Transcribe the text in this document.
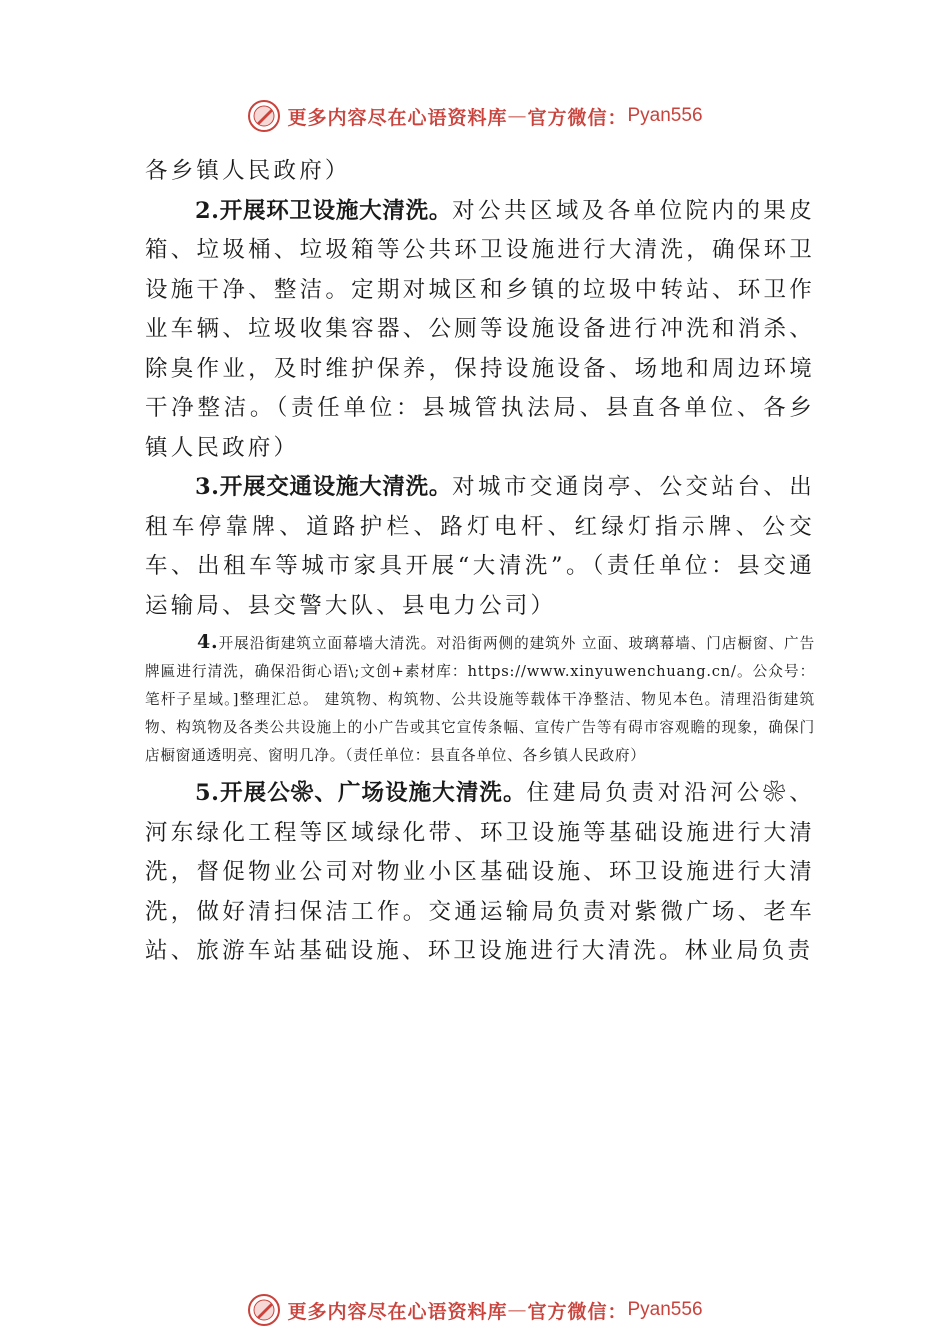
更多内容尽在心语资料库 — 官方微信： Pyan556

各乡镇人民政府）

2.开展环卫设施大清洗。对公共区域及各单位院内的果皮箱、垃圾桶、垃圾箱等公共环卫设施进行大清洗，确保环卫设施干净、整洁。定期对城区和乡镇的垃圾中转站、环卫作业车辆、垃圾收集容器、公厕等设施设备进行冲洗和消杀、除臭作业，及时维护保养，保持设施设备、场地和周边环境干净整洁。（责任单位：县城管执法局、县直各单位、各乡镇人民政府）

3.开展交通设施大清洗。对城市交通岗亭、公交站台、出租车停靠牌、道路护栏、路灯电杆、红绿灯指示牌、公交车、出租车等城市家具开展“大清洗”。（责任单位：县交通运输局、县交警大队、县电力公司）

4.开展沿街建筑立面幕墙大清洗。对沿街两侧的建筑外 立面、玻璃幕墙、门店橱窗、广告牌匾进行清洗，确保沿街心语\;文创+素材库：https://www.xinyuwenchuang.cn/。公众号：笔杆子星域。]整理汇总。 建筑物、构筑物、公共设施等载体干净整洁、物见本色。清理沿街建筑物、构筑物及各类公共设施上的小广告或其它宣传条幅、宣传广告等有碍市容观瞻的现象，确保门店橱窗通透明亮、窗明几净。（责任单位：县直各单位、各乡镇人民政府）

5.开展公❀、广场设施大清洗。住建局负责对沿河公❀、河东绿化工程等区域绿化带、环卫设施等基础设施进行大清洗，督促物业公司对物业小区基础设施、环卫设施进行大清洗，做好清扫保洁工作。交通运输局负责对紫微广场、老车站、旅游车站基础设施、环卫设施进行大清洗。林业局负责

更多内容尽在心语资料库 — 官方微信： Pyan556
